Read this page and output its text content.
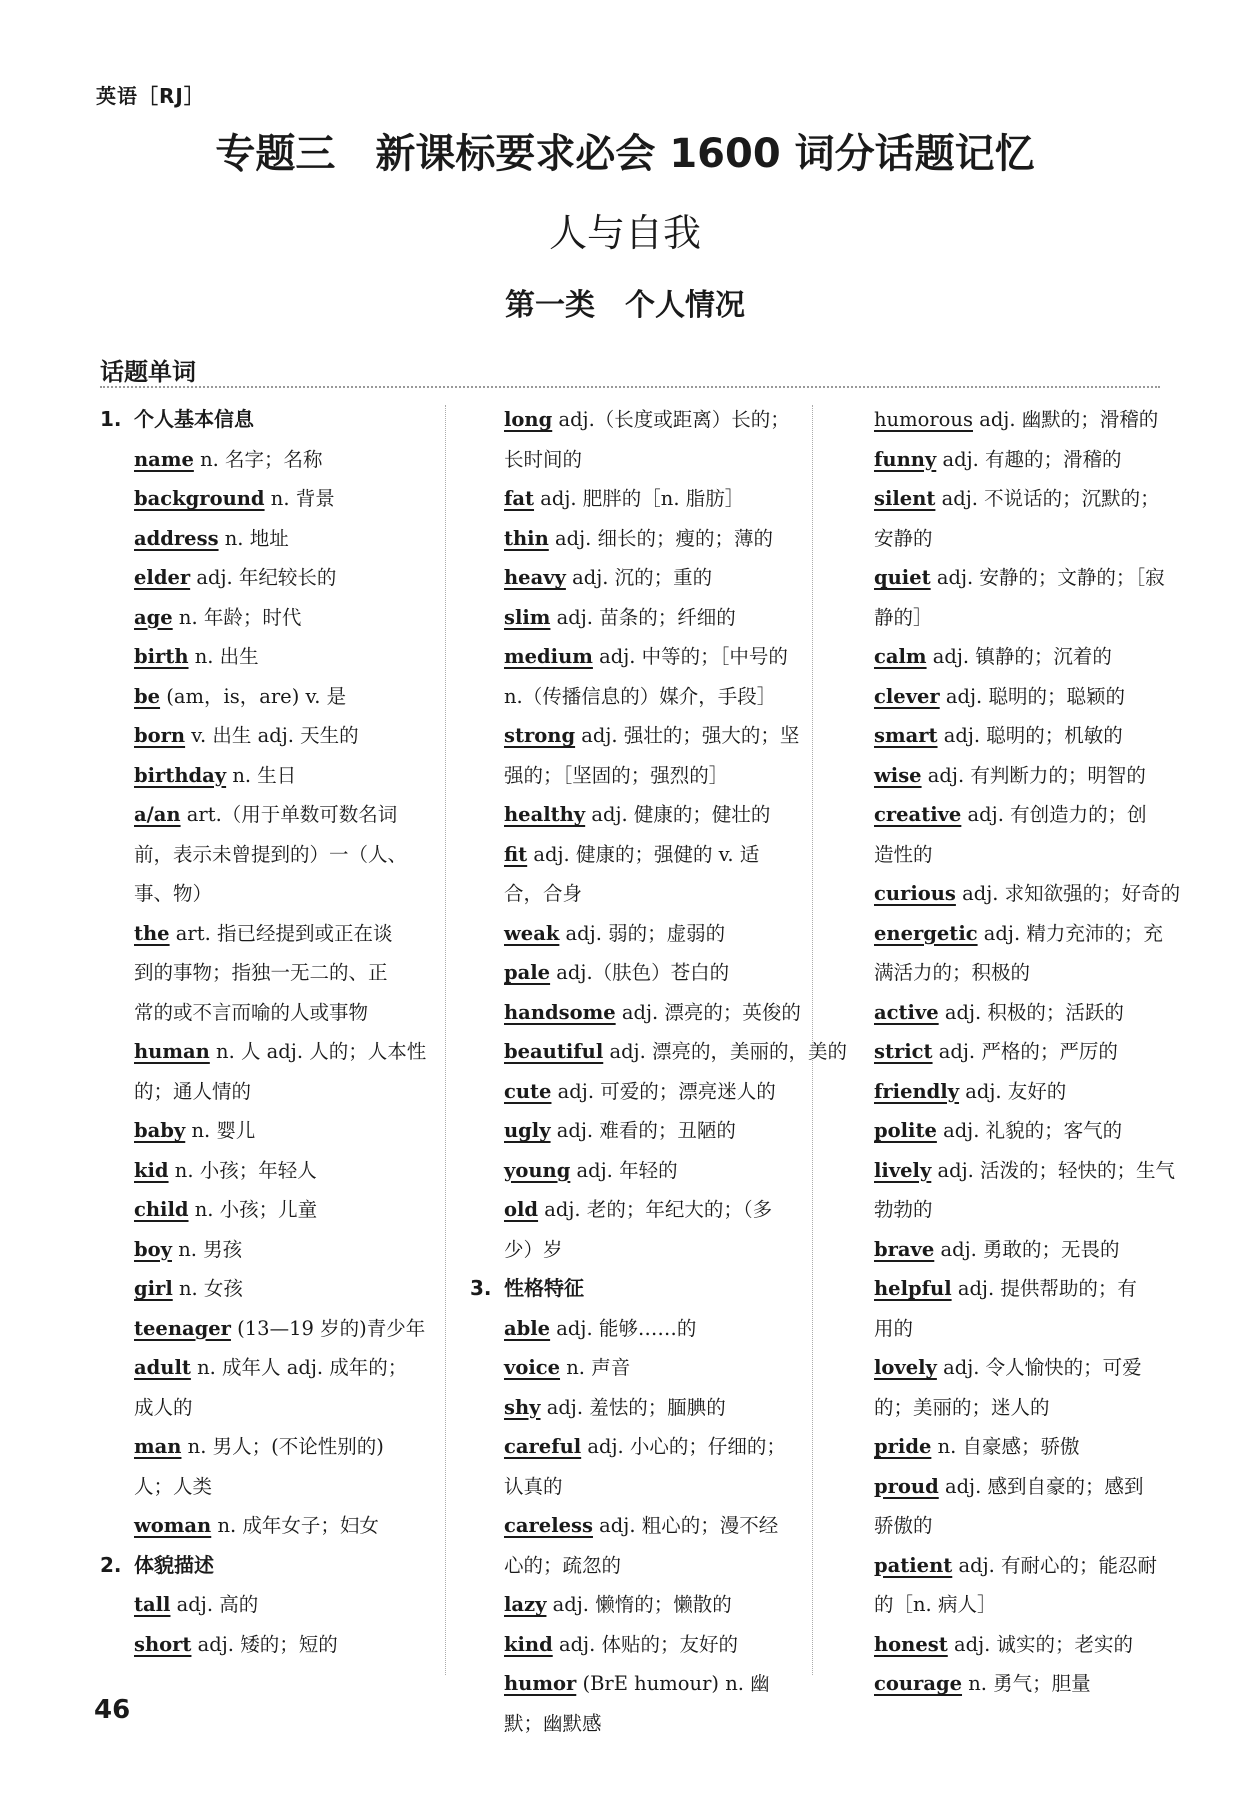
英语［RJ］
专题三　新课标要求必会 1600 词分话题记忆
人与自我
第一类　个人情况
话题单词
1. 个人基本信息
name n. 名字；名称
background n. 背景
address n. 地址
elder adj. 年纪较长的
age n. 年龄；时代
birth n. 出生
be (am，is，are) v. 是
born v. 出生 adj. 天生的
birthday n. 生日
a/an art.（用于单数可数名词
前，表示未曾提到的）一（人、
事、物）
the art. 指已经提到或正在谈
到的事物；指独一无二的、正
常的或不言而喻的人或事物
human n. 人 adj. 人的；人本性
的；通人情的
baby n. 婴儿
kid n. 小孩；年轻人
child n. 小孩；儿童
boy n. 男孩
girl n. 女孩
teenager (13—19 岁的)青少年
adult n. 成年人 adj. 成年的；
成人的
man n. 男人；(不论性别的)
人；人类
woman n. 成年女子；妇女
2. 体貌描述
tall adj. 高的
short adj. 矮的；短的
long adj.（长度或距离）长的；
长时间的
fat adj. 肥胖的［n. 脂肪］
thin adj. 细长的；瘦的；薄的
heavy adj. 沉的；重的
slim adj. 苗条的；纤细的
medium adj. 中等的；［中号的
n.（传播信息的）媒介，手段］
strong adj. 强壮的；强大的；坚
强的；［坚固的；强烈的］
healthy adj. 健康的；健壮的
fit adj. 健康的；强健的 v. 适
合，合身
weak adj. 弱的；虚弱的
pale adj.（肤色）苍白的
handsome adj. 漂亮的；英俊的
beautiful adj. 漂亮的，美丽的，美的
cute adj. 可爱的；漂亮迷人的
ugly adj. 难看的；丑陋的
young adj. 年轻的
old adj. 老的；年纪大的；（多
少）岁
3. 性格特征
able adj. 能够……的
voice n. 声音
shy adj. 羞怯的；腼腆的
careful adj. 小心的；仔细的；
认真的
careless adj. 粗心的；漫不经
心的；疏忽的
lazy adj. 懒惰的；懒散的
kind adj. 体贴的；友好的
humor (BrE humour) n. 幽
默；幽默感
humorous adj. 幽默的；滑稽的
funny adj. 有趣的；滑稽的
silent adj. 不说话的；沉默的；
安静的
quiet adj. 安静的；文静的；［寂
静的］
calm adj. 镇静的；沉着的
clever adj. 聪明的；聪颖的
smart adj. 聪明的；机敏的
wise adj. 有判断力的；明智的
creative adj. 有创造力的；创
造性的
curious adj. 求知欲强的；好奇的
energetic adj. 精力充沛的；充
满活力的；积极的
active adj. 积极的；活跃的
strict adj. 严格的；严厉的
friendly adj. 友好的
polite adj. 礼貌的；客气的
lively adj. 活泼的；轻快的；生气
勃勃的
brave adj. 勇敢的；无畏的
helpful adj. 提供帮助的；有
用的
lovely adj. 令人愉快的；可爱
的；美丽的；迷人的
pride n. 自豪感；骄傲
proud adj. 感到自豪的；感到
骄傲的
patient adj. 有耐心的；能忍耐
的［n. 病人］
honest adj. 诚实的；老实的
courage n. 勇气；胆量
46
